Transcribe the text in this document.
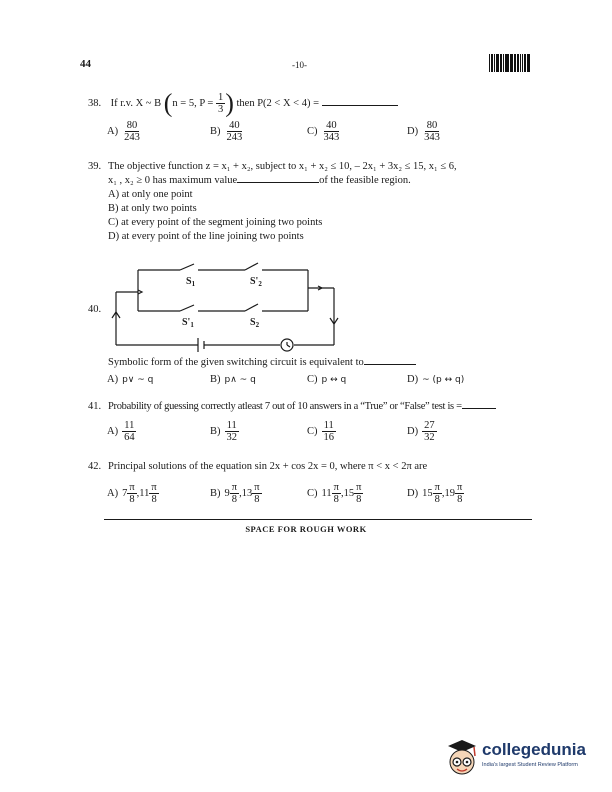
44	-10-
38. If r.v. X ~ B (n = 5, $P = \frac{1}{3}$ ) then P(2 < X < 4) =
$A) \frac{80}{243}$	$B) \frac{40}{243}$	$C) \frac{40}{343}$	$D) \frac{80}{343}$
39. The objective function z = x₁ + x₂, subject to x₁ + x₂ ≤ 10, – 2x₁ + 3x₂ ≤ 15, x₁ ≤ 6,
x₁ , x₂ ≥ 0 has maximum value	of the feasible region.
A) at only one point
B) at only two points
C) at every point of the segment joining two points
D) at every point of the line joining two points
40.
$S_1$	$S'_2$
$S'_1$	$S_2$
Symbolic form of the given switching circuit is equivalent to
A) p∨ ~ q	B) p∧ ~ q	C) p ↔ q	D) ~ (p ↔ q)
41. Probability of guessing correctly atleast 7 out of 10 answers in a “True” or “False” test is =
$A) \frac{11}{64}$	$B) \frac{11}{32}$	$C) \frac{11}{16}$	$D) \frac{27}{32}$
42. Principal solutions of the equation sin 2x + cos 2x = 0, where π < x < 2π are
A) $7 \frac{\pi}{8} ,11 \frac{\pi}{8}$	B) $9 \frac{\pi}{8} ,13 \frac{\pi}{8}$	C) $11 \frac{\pi}{8} ,15 \frac{\pi}{8}$	D) $15 \frac{\pi}{8} ,19 \frac{\pi}{8}$
SPACE FOR ROUGH WORK
collegedunia
India's largest Student Review Platform
